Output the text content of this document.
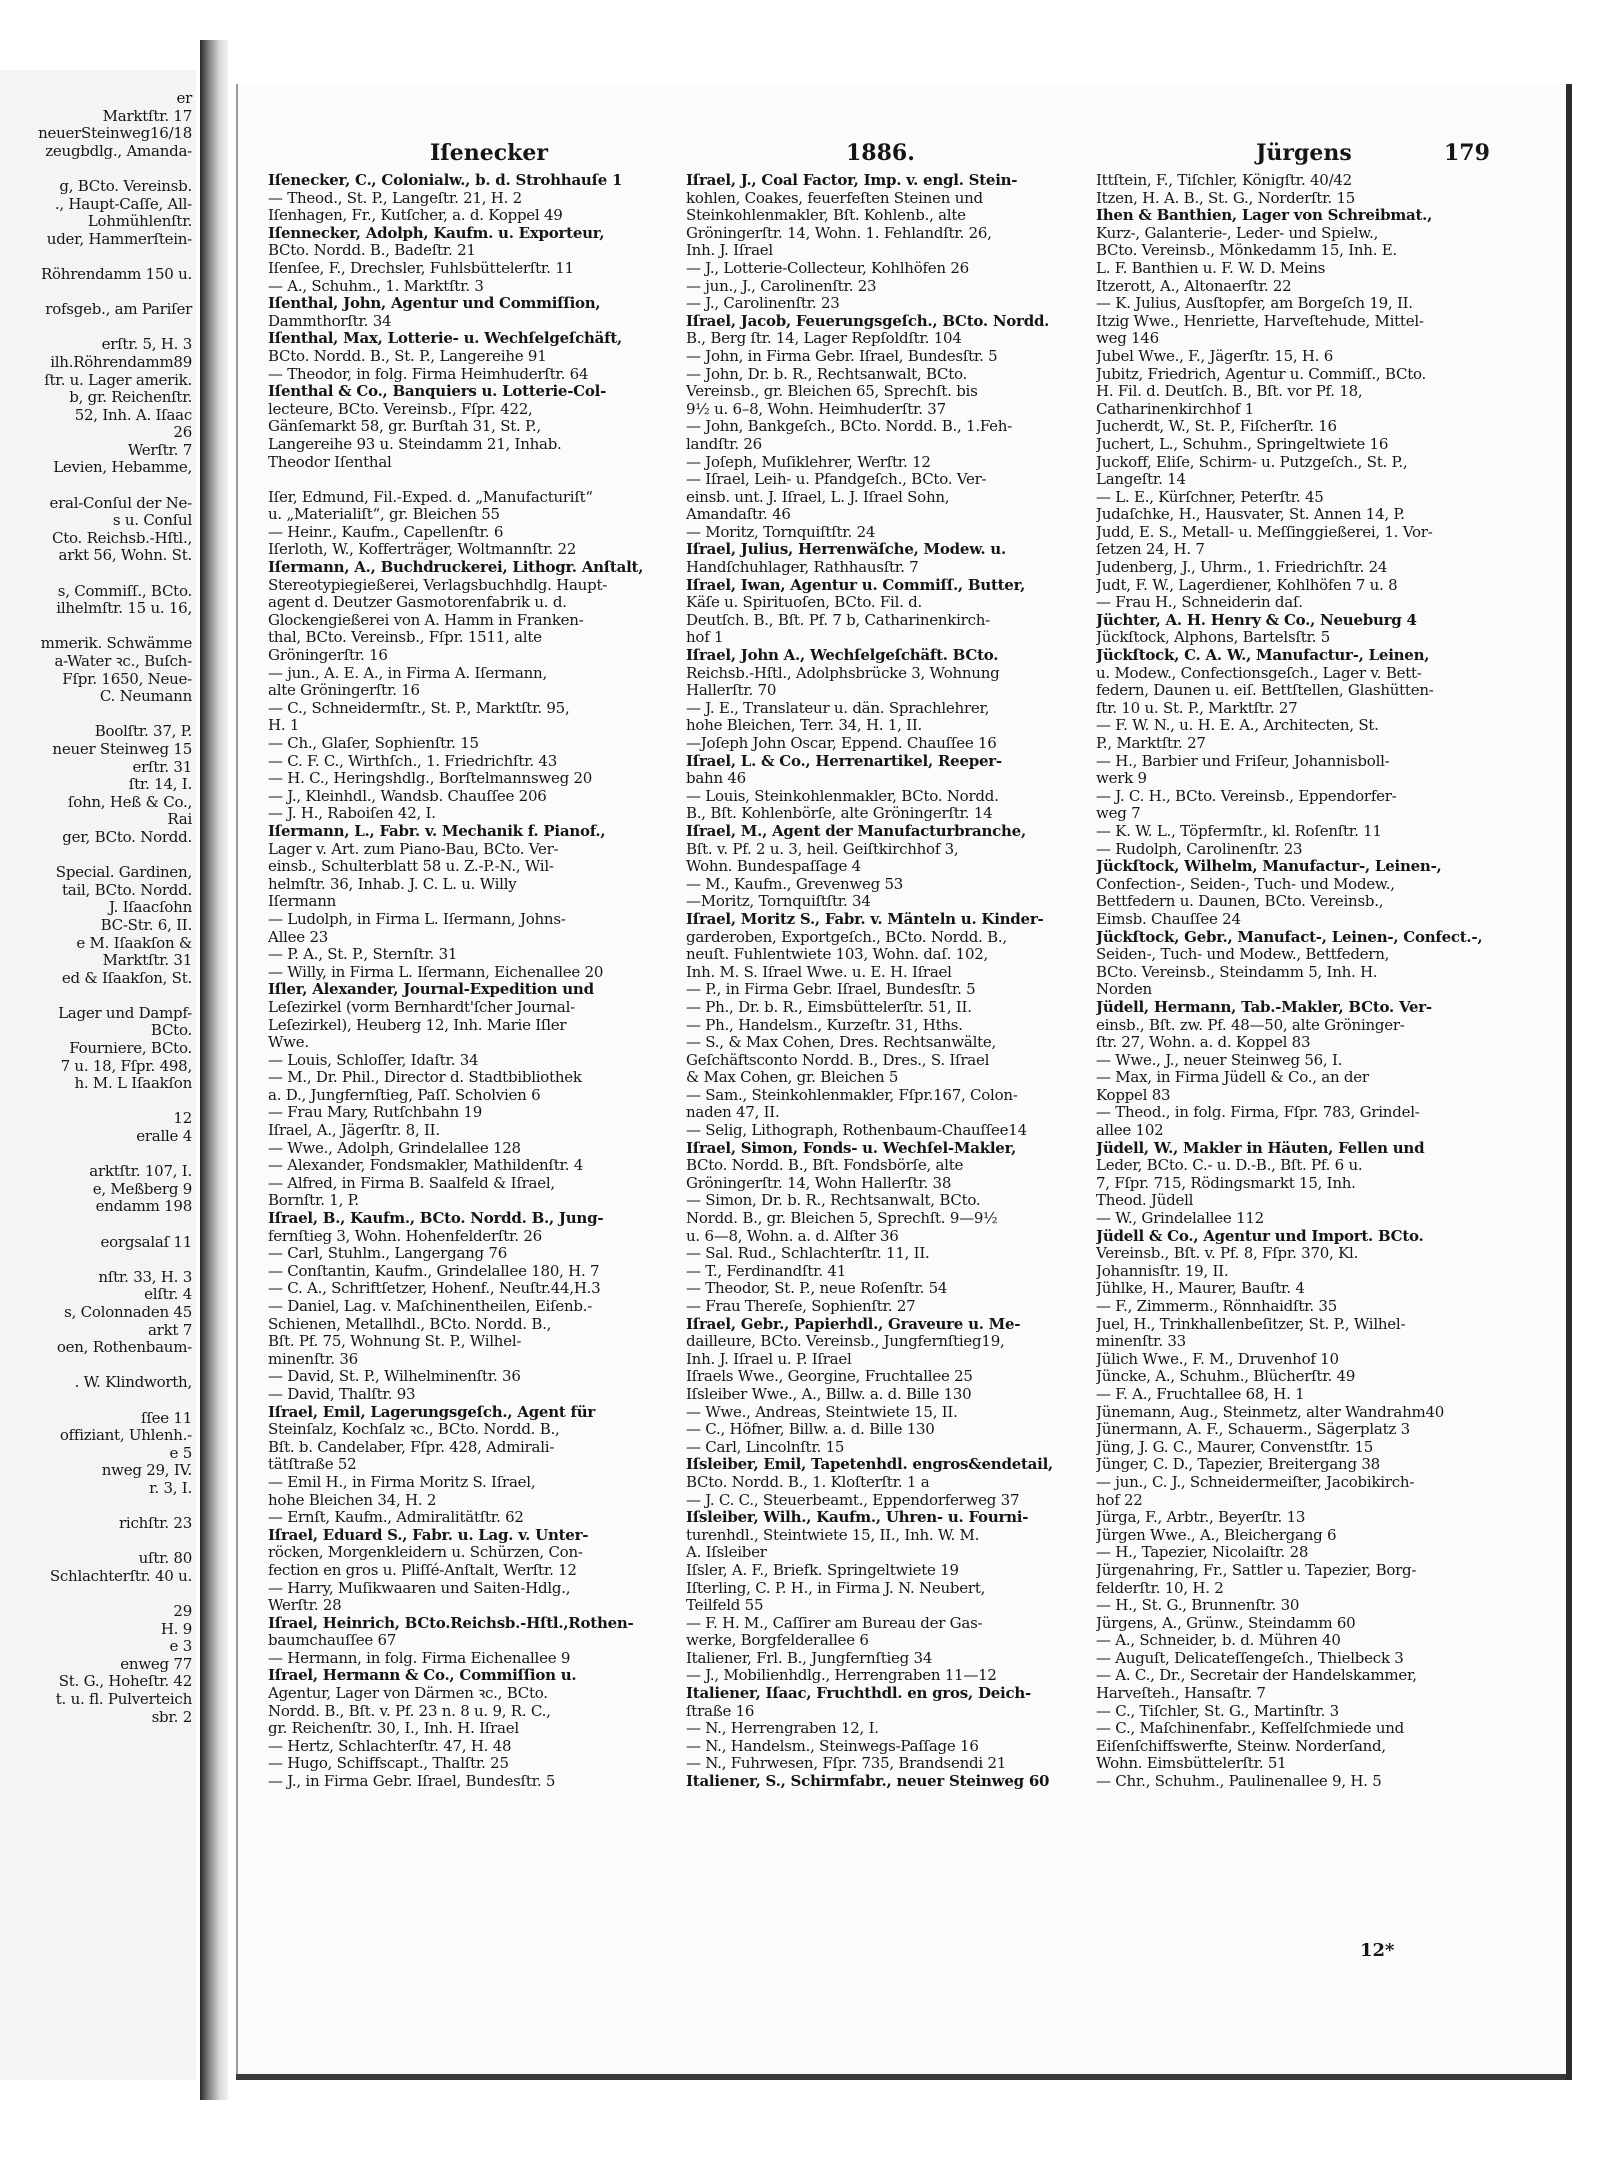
er
Marktſtr. 17
neuerSteinweg16/18
zeugbdlg., Amanda-

g, BCto. Vereinsb.
., Haupt-Caſſe, All-
Lohmühlenſtr.
uder, Hammerſtein-

Röhrendamm 150 u.

rofsgeb., am Pariſer

erſtr. 5, H. 3
ilh.Röhrendamm89
ſtr. u. Lager amerik.
b, gr. Reichenſtr.
52, Inh. A. Iſaac
26
Werſtr. 7
Levien, Hebamme,

eral-Conſul der Ne-
s u. Conſul
Cto. Reichsb.-Hſtl.,
arkt 56, Wohn. St.

s, Commiſſ., BCto.
ilhelmſtr. 15 u. 16,

mmerik. Schwämme
a-Water ꝛc., Buſch-
Fſpr. 1650, Neue-
C. Neumann

Boolſtr. 37, P.
neuer Steinweg 15
erſtr. 31
ſtr. 14, I.
ſohn, Heß & Co.,
Rai
ger, BCto. Nordd.

Special. Gardinen,
tail, BCto. Nordd.
J. Iſaacſohn
BC-Str. 6, II.
e M. Iſaakſon &
Marktſtr. 31
ed & Iſaakſon, St.

Lager und Dampf-
BCto.
Fourniere, BCto.
7 u. 18, Fſpr. 498,
h. M. L Iſaakſon

12
eralle 4

arktſtr. 107, I.
e, Meßberg 9
endamm 198

eorgsalaſ 11

nſtr. 33, H. 3
elſtr. 4
s, Colonnaden 45
arkt 7
oen, Rothenbaum-

. W. Klindworth,

ſſee 11
offiziant, Uhlenh.-
e 5
nweg 29, IV.
r. 3, I.

richſtr. 23

uſtr. 80
Schlachterſtr. 40 u.

29
H. 9
e 3
enweg 77
St. G., Hoheſtr. 42
t. u. fl. Pulverteich
sbr. 2
Iſenecker	1886.	Jürgens	179
Iſenecker, C., Colonialw., b. d. Strohhauſe 1
— Theod., St. P., Langeſtr. 21, H. 2
Iſenhagen, Fr., Kutſcher, a. d. Koppel 49
Iſennecker, Adolph, Kaufm. u. Exporteur,
BCto. Nordd. B., Badeſtr. 21
Iſenſee, F., Drechsler, Fuhlsbüttelerſtr. 11
— A., Schuhm., 1. Marktſtr. 3
Iſenthal, John, Agentur und Commiſſion,
Dammthorſtr. 34
Iſenthal, Max, Lotterie- u. Wechſelgeſchäft,
BCto. Nordd. B., St. P., Langereihe 91
— Theodor, in folg. Firma Heimhuderſtr. 64
Iſenthal & Co., Banquiers u. Lotterie-Col-
lecteure, BCto. Vereinsb., Fſpr. 422,
Gänſemarkt 58, gr. Burſtah 31, St. P.,
Langereihe 93 u. Steindamm 21, Inhab.
Theodor Iſenthal

Iſer, Edmund, Fil.-Exped. d. „Manufacturiſt“
u. „Materialiſt“, gr. Bleichen 55
— Heinr., Kaufm., Capellenſtr. 6
Iſerloth, W., Kofferträger, Woltmannſtr. 22
Iſermann, A., Buchdruckerei, Lithogr. Anſtalt,
Stereotypiegießerei, Verlagsbuchhdlg. Haupt-
agent d. Deutzer Gasmotorenfabrik u. d.
Glockengießerei von A. Hamm in Franken-
thal, BCto. Vereinsb., Fſpr. 1511, alte
Gröningerſtr. 16
— jun., A. E. A., in Firma A. Iſermann,
alte Gröningerſtr. 16
— C., Schneidermſtr., St. P., Marktſtr. 95,
H. 1
— Ch., Glaſer, Sophienſtr. 15
— C. F. C., Wirthſch., 1. Friedrichſtr. 43
— H. C., Heringshdlg., Borſtelmannsweg 20
— J., Kleinhdl., Wandsb. Chauſſee 206
— J. H., Raboiſen 42, I.
Iſermann, L., Fabr. v. Mechanik f. Pianof.,
Lager v. Art. zum Piano-Bau, BCto. Ver-
einsb., Schulterblatt 58 u. Z.-P.-N., Wil-
helmſtr. 36, Inhab. J. C. L. u. Willy
Iſermann
— Ludolph, in Firma L. Iſermann, Johns-
Allee 23
— P. A., St. P., Sternſtr. 31
— Willy, in Firma L. Iſermann, Eichenallee 20
Iſler, Alexander, Journal-Expedition und
Leſezirkel (vorm Bernhardt'ſcher Journal-
Leſezirkel), Heuberg 12, Inh. Marie Iſler
Wwe.
— Louis, Schloſſer, Idaſtr. 34
— M., Dr. Phil., Director d. Stadtbibliothek
a. D., Jungfernſtieg, Paſſ. Scholvien 6
— Frau Mary, Rutſchbahn 19
Iſrael, A., Jägerſtr. 8, II.
— Wwe., Adolph, Grindelallee 128
— Alexander, Fondsmakler, Mathildenſtr. 4
— Alfred, in Firma B. Saalfeld & Iſrael,
Bornſtr. 1, P.
Iſrael, B., Kaufm., BCto. Nordd. B., Jung-
fernſtieg 3, Wohn. Hohenfelderſtr. 26
— Carl, Stuhlm., Langergang 76
— Conſtantin, Kaufm., Grindelallee 180, H. 7
— C. A., Schriftſetzer, Hohenf., Neuſtr.44,H.3
— Daniel, Lag. v. Maſchinentheilen, Eiſenb.-
Schienen, Metallhdl., BCto. Nordd. B.,
Bſt. Pf. 75, Wohnung St. P., Wilhel-
minenſtr. 36
— David, St. P., Wilhelminenſtr. 36
— David, Thalſtr. 93
Iſrael, Emil, Lagerungsgeſch., Agent für
Steinſalz, Kochſalz ꝛc., BCto. Nordd. B.,
Bſt. b. Candelaber, Fſpr. 428, Admirali-
tätſtraße 52
— Emil H., in Firma Moritz S. Iſrael,
hohe Bleichen 34, H. 2
— Ernſt, Kaufm., Admiralitätſtr. 62
Iſrael, Eduard S., Fabr. u. Lag. v. Unter-
röcken, Morgenkleidern u. Schürzen, Con-
fection en gros u. Pliſſé-Anſtalt, Werſtr. 12
— Harry, Muſikwaaren und Saiten-Hdlg.,
Werſtr. 28
Iſrael, Heinrich, BCto.Reichsb.-Hſtl.,Rothen-
baumchauſſee 67
— Hermann, in folg. Firma Eichenallee 9
Iſrael, Hermann & Co., Commiſſion u.
Agentur, Lager von Därmen ꝛc., BCto.
Nordd. B., Bſt. v. Pf. 23 n. 8 u. 9, R. C.,
gr. Reichenſtr. 30, I., Inh. H. Iſrael
— Hertz, Schlachterſtr. 47, H. 48
— Hugo, Schiffscapt., Thalſtr. 25
— J., in Firma Gebr. Iſrael, Bundesſtr. 5
Iſrael, J., Coal Factor, Imp. v. engl. Stein-
kohlen, Coakes, feuerfeſten Steinen und
Steinkohlenmakler, Bſt. Kohlenb., alte
Gröningerſtr. 14, Wohn. 1. Fehlandſtr. 26,
Inh. J. Iſrael
— J., Lotterie-Collecteur, Kohlhöfen 26
— jun., J., Carolinenſtr. 23
— J., Carolinenſtr. 23
Iſrael, Jacob, Feuerungsgeſch., BCto. Nordd.
B., Berg ſtr. 14, Lager Repſoldſtr. 104
— John, in Firma Gebr. Iſrael, Bundesſtr. 5
— John, Dr. b. R., Rechtsanwalt, BCto.
Vereinsb., gr. Bleichen 65, Sprechſt. bis
9½ u. 6–8, Wohn. Heimhuderſtr. 37
— John, Bankgeſch., BCto. Nordd. B., 1.Feh-
landſtr. 26
— Joſeph, Muſiklehrer, Werſtr. 12
— Iſrael, Leih- u. Pfandgeſch., BCto. Ver-
einsb. unt. J. Iſrael, L. J. Iſrael Sohn,
Amandaſtr. 46
— Moritz, Tornquiſtſtr. 24
Iſrael, Julius, Herrenwäſche, Modew. u.
Handſchuhlager, Rathhausſtr. 7
Iſrael, Iwan, Agentur u. Commiſſ., Butter,
Käſe u. Spirituoſen, BCto. Fil. d.
Deutſch. B., Bſt. Pf. 7 b, Catharinenkirch-
hof 1
Iſrael, John A., Wechſelgeſchäft. BCto.
Reichsb.-Hſtl., Adolphsbrücke 3, Wohnung
Hallerſtr. 70
— J. E., Translateur u. dän. Sprachlehrer,
hohe Bleichen, Terr. 34, H. 1, II.
—Joſeph John Oscar, Eppend. Chauſſee 16
Iſrael, L. & Co., Herrenartikel, Reeper-
bahn 46
— Louis, Steinkohlenmakler, BCto. Nordd.
B., Bſt. Kohlenbörſe, alte Gröningerſtr. 14
Iſrael, M., Agent der Manufacturbranche,
Bſt. v. Pf. 2 u. 3, heil. Geiſtkirchhof 3,
Wohn. Bundespaſſage 4
— M., Kaufm., Grevenweg 53
—Moritz, Tornquiſtſtr. 34
Iſrael, Moritz S., Fabr. v. Mänteln u. Kinder-
garderoben, Exportgeſch., BCto. Nordd. B.,
neuſt. Fuhlentwiete 103, Wohn. daſ. 102,
Inh. M. S. Iſrael Wwe. u. E. H. Iſrael
— P., in Firma Gebr. Iſrael, Bundesſtr. 5
— Ph., Dr. b. R., Eimsbüttelerſtr. 51, II.
— Ph., Handelsm., Kurzeſtr. 31, Hths.
— S., & Max Cohen, Dres. Rechtsanwälte,
Geſchäftsconto Nordd. B., Dres., S. Iſrael
& Max Cohen, gr. Bleichen 5
— Sam., Steinkohlenmakler, Fſpr.167, Colon-
naden 47, II.
— Selig, Lithograph, Rothenbaum-Chauſſee14
Iſrael, Simon, Fonds- u. Wechſel-Makler,
BCto. Nordd. B., Bſt. Fondsbörſe, alte
Gröningerſtr. 14, Wohn Hallerſtr. 38
— Simon, Dr. b. R., Rechtsanwalt, BCto.
Nordd. B., gr. Bleichen 5, Sprechſt. 9—9½
u. 6—8, Wohn. a. d. Alſter 36
— Sal. Rud., Schlachterſtr. 11, II.
— T., Ferdinandſtr. 41
— Theodor, St. P., neue Roſenſtr. 54
— Frau Thereſe, Sophienſtr. 27
Iſrael, Gebr., Papierhdl., Graveure u. Me-
dailleure, BCto. Vereinsb., Jungfernſtieg19,
Inh. J. Iſrael u. P. Iſrael
Iſraels Wwe., Georgine, Fruchtallee 25
Iſsleiber Wwe., A., Billw. a. d. Bille 130
— Wwe., Andreas, Steintwiete 15, II.
— C., Höfner, Billw. a. d. Bille 130
— Carl, Lincolnſtr. 15
Iſsleiber, Emil, Tapetenhdl. engros&endetail,
BCto. Nordd. B., 1. Kloſterſtr. 1 a
— J. C. C., Steuerbeamt., Eppendorferweg 37
Iſsleiber, Wilh., Kaufm., Uhren- u. Fourni-
turenhdl., Steintwiete 15, II., Inh. W. M.
A. Iſsleiber
Iſsler, A. F., Briefk. Springeltwiete 19
Iſterling, C. P. H., in Firma J. N. Neubert,
Teilfeld 55
— F. H. M., Caſſirer am Bureau der Gas-
werke, Borgfelderallee 6
Italiener, Frl. B., Jungfernſtieg 34
— J., Mobilienhdlg., Herrengraben 11—12
Italiener, Iſaac, Fruchthdl. en gros, Deich-
ſtraße 16
— N., Herrengraben 12, I.
— N., Handelsm., Steinwegs-Paſſage 16
— N., Fuhrwesen, Fſpr. 735, Brandsendi 21
Italiener, S., Schirmfabr., neuer Steinweg 60
Ittſtein, F., Tiſchler, Königſtr. 40/42
Itzen, H. A. B., St. G., Norderſtr. 15
Ihen & Banthien, Lager von Schreibmat.,
Kurz-, Galanterie-, Leder- und Spielw.,
BCto. Vereinsb., Mönkedamm 15, Inh. E.
L. F. Banthien u. F. W. D. Meins
Itzerott, A., Altonaerſtr. 22
— K. Julius, Ausſtopfer, am Borgeſch 19, II.
Itzig Wwe., Henriette, Harveſtehude, Mittel-
weg 146
Jubel Wwe., F., Jägerſtr. 15, H. 6
Jubitz, Friedrich, Agentur u. Commiſſ., BCto.
H. Fil. d. Deutſch. B., Bſt. vor Pf. 18,
Catharinenkirchhof 1
Jucherdt, W., St. P., Fiſcherſtr. 16
Juchert, L., Schuhm., Springeltwiete 16
Juckoff, Eliſe, Schirm- u. Putzgeſch., St. P.,
Langeſtr. 14
— L. E., Kürſchner, Peterſtr. 45
Judaſchke, H., Hausvater, St. Annen 14, P.
Judd, E. S., Metall- u. Meſſinggießerei, 1. Vor-
ſetzen 24, H. 7
Judenberg, J., Uhrm., 1. Friedrichſtr. 24
Judt, F. W., Lagerdiener, Kohlhöfen 7 u. 8
— Frau H., Schneiderin daſ.
Jüchter, A. H. Henry & Co., Neueburg 4
Jückſtock, Alphons, Bartelsſtr. 5
Jückſtock, C. A. W., Manufactur-, Leinen,
u. Modew., Confectionsgeſch., Lager v. Bett-
federn, Daunen u. eiſ. Bettſtellen, Glashütten-
ſtr. 10 u. St. P., Marktſtr. 27
— F. W. N., u. H. E. A., Architecten, St.
P., Marktſtr. 27
— H., Barbier und Friſeur, Johannisboll-
werk 9
— J. C. H., BCto. Vereinsb., Eppendorfer-
weg 7
— K. W. L., Töpfermſtr., kl. Roſenſtr. 11
— Rudolph, Carolinenſtr. 23
Jückſtock, Wilhelm, Manufactur-, Leinen-,
Confection-, Seiden-, Tuch- und Modew.,
Bettfedern u. Daunen, BCto. Vereinsb.,
Eimsb. Chauſſee 24
Jückſtock, Gebr., Manufact-, Leinen-, Confect.-,
Seiden-, Tuch- und Modew., Bettfedern,
BCto. Vereinsb., Steindamm 5, Inh. H.
Norden
Jüdell, Hermann, Tab.-Makler, BCto. Ver-
einsb., Bſt. zw. Pf. 48—50, alte Gröninger-
ſtr. 27, Wohn. a. d. Koppel 83
— Wwe., J., neuer Steinweg 56, I.
— Max, in Firma Jüdell & Co., an der
Koppel 83
— Theod., in folg. Firma, Fſpr. 783, Grindel-
allee 102
Jüdell, W., Makler in Häuten, Fellen und
Leder, BCto. C.- u. D.-B., Bſt. Pf. 6 u.
7, Fſpr. 715, Rödingsmarkt 15, Inh.
Theod. Jüdell
— W., Grindelallee 112
Jüdell & Co., Agentur und Import. BCto.
Vereinsb., Bſt. v. Pf. 8, Fſpr. 370, Kl.
Johannisſtr. 19, II.
Jühlke, H., Maurer, Bauſtr. 4
— F., Zimmerm., Rönnhaidſtr. 35
Juel, H., Trinkhallenbeſitzer, St. P., Wilhel-
minenſtr. 33
Jülich Wwe., F. M., Druvenhof 10
Jüncke, A., Schuhm., Blücherſtr. 49
— F. A., Fruchtallee 68, H. 1
Jünemann, Aug., Steinmetz, alter Wandrahm40
Jünermann, A. F., Schauerm., Sägerplatz 3
Jüng, J. G. C., Maurer, Convenstſtr. 15
Jünger, C. D., Tapezier, Breitergang 38
— jun., C. J., Schneidermeiſter, Jacobikirch-
hof 22
Jürga, F., Arbtr., Beyerſtr. 13
Jürgen Wwe., A., Bleichergang 6
— H., Tapezier, Nicolaiſtr. 28
Jürgenahring, Fr., Sattler u. Tapezier, Borg-
felderſtr. 10, H. 2
— H., St. G., Brunnenſtr. 30
Jürgens, A., Grünw., Steindamm 60
— A., Schneider, b. d. Mühren 40
— Auguſt, Delicateſſengeſch., Thielbeck 3
— A. C., Dr., Secretair der Handelskammer,
Harveſteh., Hansaſtr. 7
— C., Tiſchler, St. G., Martinſtr. 3
— C., Maſchinenfabr., Keſſelſchmiede und
Eiſenſchiffswerfte, Steinw. Norderſand,
Wohn. Eimsbüttelerſtr. 51
— Chr., Schuhm., Paulinenallee 9, H. 5
12*
